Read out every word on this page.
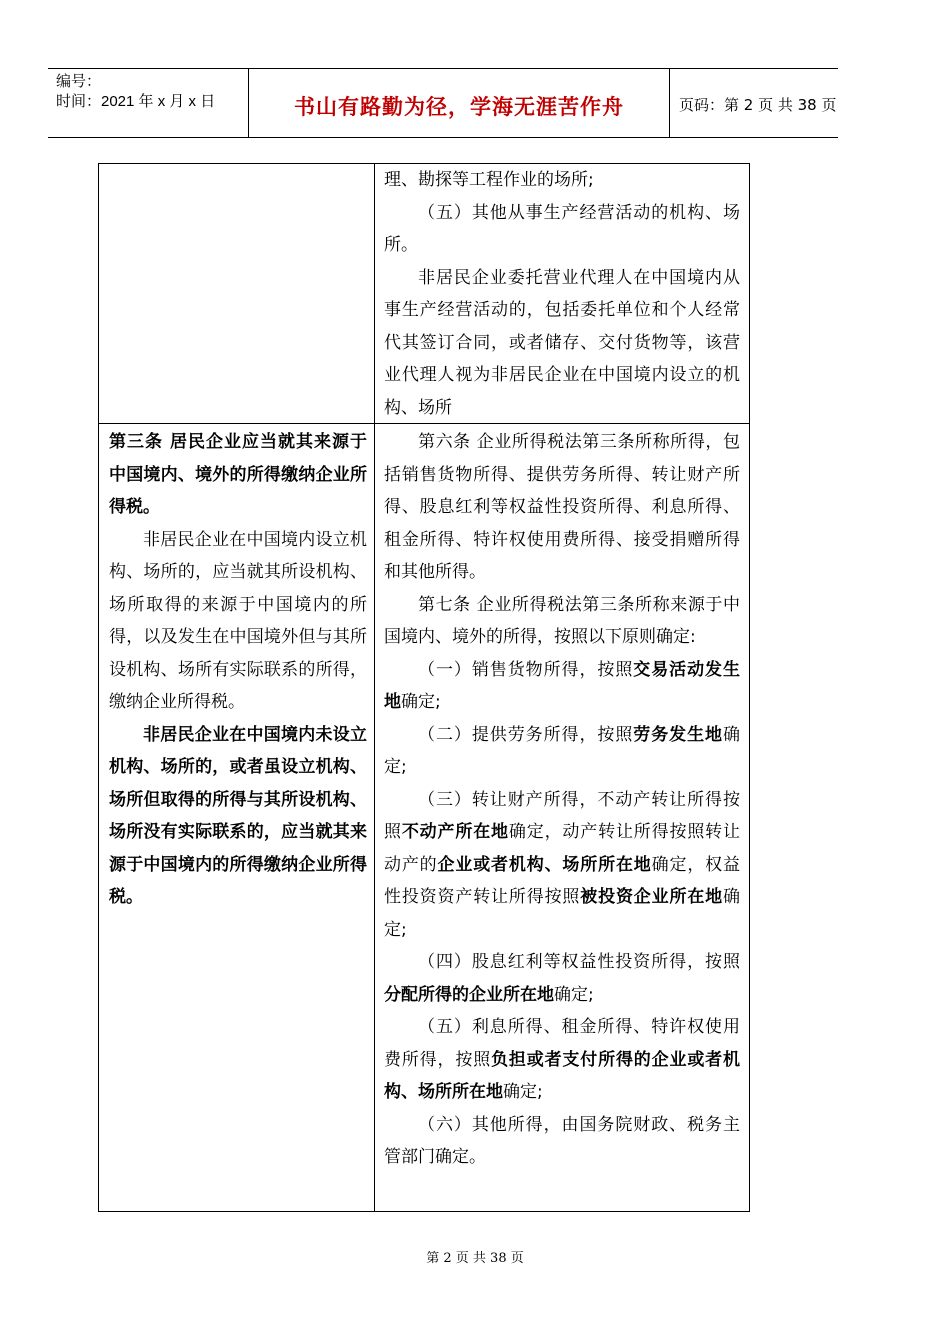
编号：
时间：2021 年 x 月 x 日	书山有路勤为径，学海无涯苦作舟	页码：第 2 页 共 38 页

理、勘探等工程作业的场所;

（五）其他从事生产经营活动的机构、场所。

非居民企业委托营业代理人在中国境内从事生产经营活动的，包括委托单位和个人经常代其签订合同，或者储存、交付货物等，该营业代理人视为非居民企业在中国境内设立的机构、场所

第三条 居民企业应当就其来源于中国境内、境外的所得缴纳企业所得税。

非居民企业在中国境内设立机构、场所的，应当就其所设机构、场所取得的来源于中国境内的所得，以及发生在中国境外但与其所设机构、场所有实际联系的所得，缴纳企业所得税。

非居民企业在中国境内未设立机构、场所的，或者虽设立机构、场所但取得的所得与其所设机构、场所没有实际联系的，应当就其来源于中国境内的所得缴纳企业所得税。

第六条 企业所得税法第三条所称所得，包括销售货物所得、提供劳务所得、转让财产所得、股息红利等权益性投资所得、利息所得、租金所得、特许权使用费所得、接受捐赠所得和其他所得。

第七条 企业所得税法第三条所称来源于中国境内、境外的所得，按照以下原则确定:

（一）销售货物所得，按照交易活动发生地确定;

（二）提供劳务所得，按照劳务发生地确定;

（三）转让财产所得，不动产转让所得按照不动产所在地确定，动产转让所得按照转让动产的企业或者机构、场所所在地确定，权益性投资资产转让所得按照被投资企业所在地确定;

（四）股息红利等权益性投资所得，按照分配所得的企业所在地确定;

（五）利息所得、租金所得、特许权使用费所得，按照负担或者支付所得的企业或者机构、场所所在地确定;

（六）其他所得，由国务院财政、税务主管部门确定。

第 2 页 共 38 页
